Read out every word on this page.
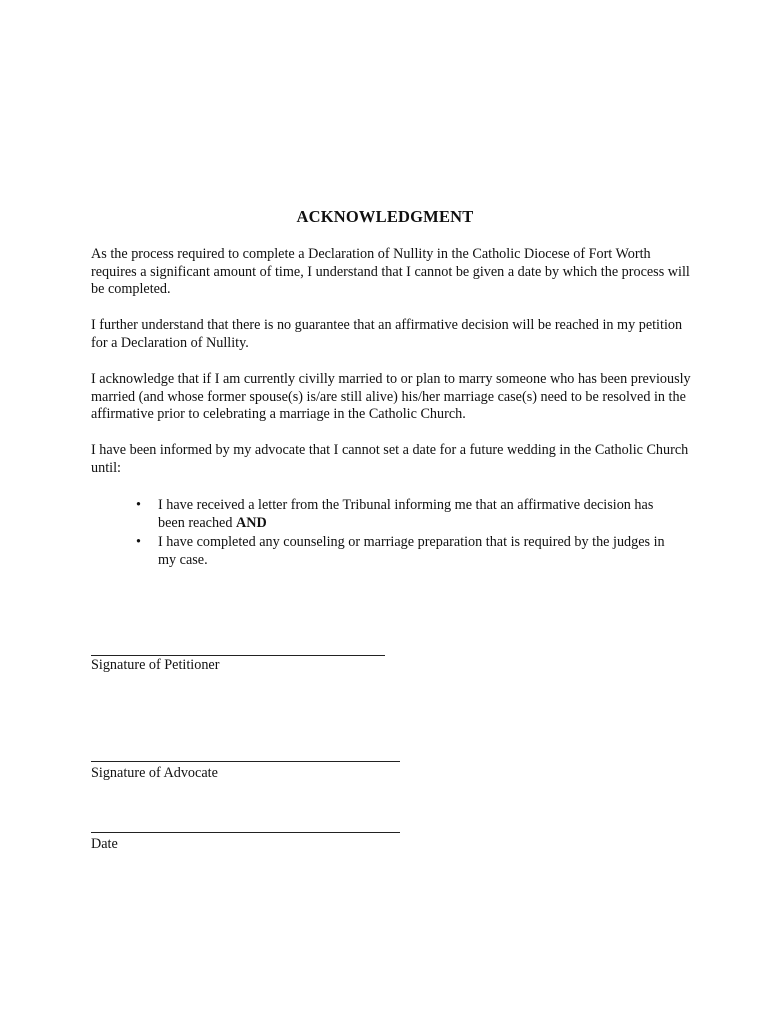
ACKNOWLEDGMENT

As the process required to complete a Declaration of Nullity in the Catholic Diocese of Fort Worth requires a significant amount of time, I understand that I cannot be given a date by which the process will be completed.

I further understand that there is no guarantee that an affirmative decision will be reached in my petition for a Declaration of Nullity.

I acknowledge that if I am currently civilly married to or plan to marry someone who has been previously married (and whose former spouse(s) is/are still alive) his/her marriage case(s) need to be resolved in the affirmative prior to celebrating a marriage in the Catholic Church.

I have been informed by my advocate that I cannot set a date for a future wedding in the Catholic Church until:

• I have received a letter from the Tribunal informing me that an affirmative decision has been reached AND
• I have completed any counseling or marriage preparation that is required by the judges in my case.
Signature of Petitioner
Signature of Advocate
Date
